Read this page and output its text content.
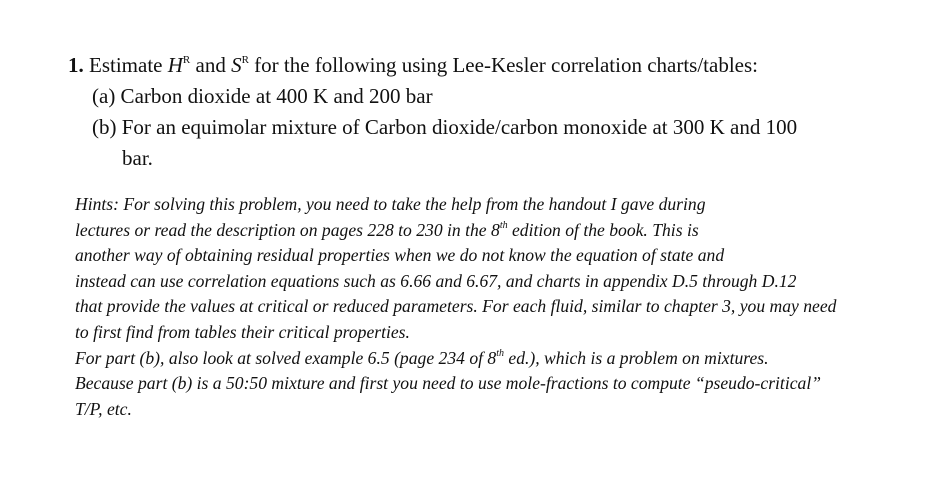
1. Estimate $H^R$ and $S^R$ for the following using Lee-Kesler correlation charts/tables:
(a) Carbon dioxide at 400 K and 200 bar
(b) For an equimolar mixture of Carbon dioxide/carbon monoxide at 300 K and 100
bar.
Hints: For solving this problem, you need to take the help from the handout I gave during
lectures or read the description on pages 228 to 230 in the 8th edition of the book. This is
another way of obtaining residual properties when we do not know the equation of state and
instead can use correlation equations such as 6.66 and 6.67, and charts in appendix D.5 through D.12
that provide the values at critical or reduced parameters. For each fluid, similar to chapter 3, you may need
to first find from tables their critical properties.
For part (b), also look at solved example 6.5 (page 234 of 8th ed.), which is a problem on mixtures.
Because part (b) is a 50:50 mixture and first you need to use mole-fractions to compute “pseudo-critical”
T/P, etc.
